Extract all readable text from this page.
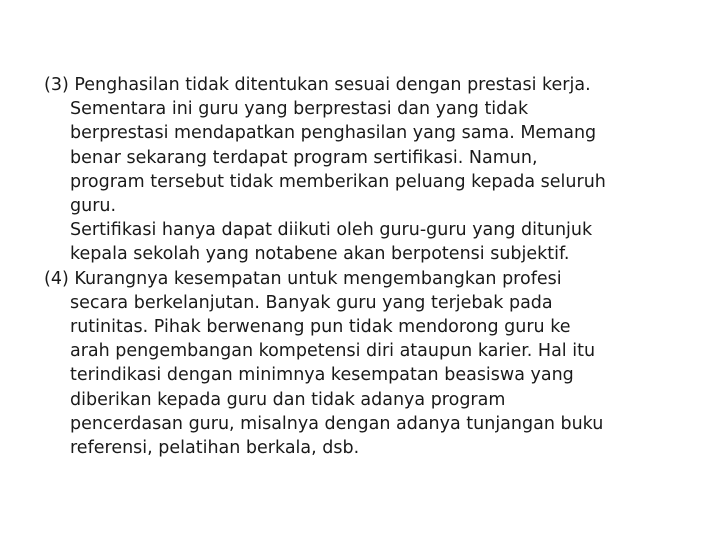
(3) Penghasilan tidak ditentukan sesuai dengan prestasi kerja.
Sementara ini guru yang berprestasi dan yang tidak
berprestasi mendapatkan penghasilan yang sama. Memang
benar sekarang terdapat program sertifikasi. Namun,
program tersebut tidak memberikan peluang kepada seluruh
guru.
Sertifikasi hanya dapat diikuti oleh guru-guru yang ditunjuk
kepala sekolah yang notabene akan berpotensi subjektif.
(4) Kurangnya kesempatan untuk mengembangkan profesi
secara berkelanjutan. Banyak guru yang terjebak pada
rutinitas. Pihak berwenang pun tidak mendorong guru ke
arah pengembangan kompetensi diri ataupun karier. Hal itu
terindikasi dengan minimnya kesempatan beasiswa yang
diberikan kepada guru dan tidak adanya program
pencerdasan guru, misalnya dengan adanya tunjangan buku
referensi, pelatihan berkala, dsb.
